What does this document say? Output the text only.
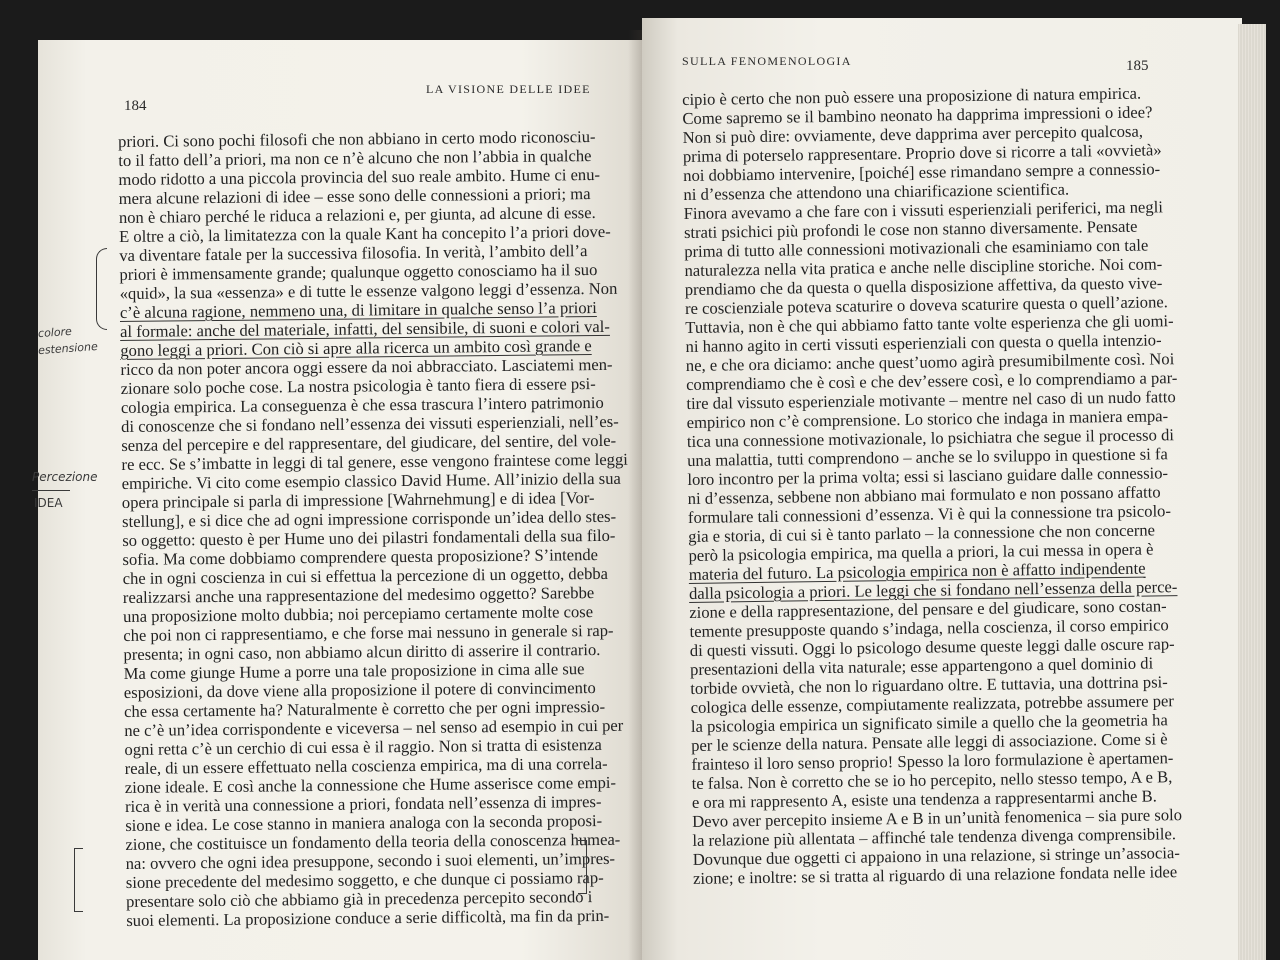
LA VISIONE DELLE IDEE
184
priori. Ci sono pochi filosofi che non abbiano in certo modo riconosciu-
to il fatto dell’a priori, ma non ce n’è alcuno che non l’abbia in qualche
modo ridotto a una piccola provincia del suo reale ambito. Hume ci enu-
mera alcune relazioni di idee – esse sono delle connessioni a priori; ma
non è chiaro perché le riduca a relazioni e, per giunta, ad alcune di esse.
E oltre a ciò, la limitatezza con la quale Kant ha concepito l’a priori dove-
va diventare fatale per la successiva filosofia. In verità, l’ambito dell’a
priori è immensamente grande; qualunque oggetto conosciamo ha il suo
«quid», la sua «essenza» e di tutte le essenze valgono leggi d’essenza. Non
c’è alcuna ragione, nemmeno una, di limitare in qualche senso l’a priori
al formale: anche del materiale, infatti, del sensibile, di suoni e colori val-
gono leggi a priori. Con ciò si apre alla ricerca un ambito così grande e
ricco da non poter ancora oggi essere da noi abbracciato. Lasciatemi men-
zionare solo poche cose. La nostra psicologia è tanto fiera di essere psi-
cologia empirica. La conseguenza è che essa trascura l’intero patrimonio
di conoscenze che si fondano nell’essenza dei vissuti esperienziali, nell’es-
senza del percepire e del rappresentare, del giudicare, del sentire, del vole-
re ecc. Se s’imbatte in leggi di tal genere, esse vengono fraintese come leggi
empiriche. Vi cito come esempio classico David Hume. All’inizio della sua
opera principale si parla di impressione [Wahrnehmung] e di idea [Vor-
stellung], e si dice che ad ogni impressione corrisponde un’idea dello stes-
so oggetto: questo è per Hume uno dei pilastri fondamentali della sua filo-
sofia. Ma come dobbiamo comprendere questa proposizione? S’intende
che in ogni coscienza in cui si effettua la percezione di un oggetto, debba
realizzarsi anche una rappresentazione del medesimo oggetto? Sarebbe
una proposizione molto dubbia; noi percepiamo certamente molte cose
che poi non ci rappresentiamo, e che forse mai nessuno in generale si rap-
presenta; in ogni caso, non abbiamo alcun diritto di asserire il contrario.
Ma come giunge Hume a porre una tale proposizione in cima alle sue
esposizioni, da dove viene alla proposizione il potere di convincimento
che essa certamente ha? Naturalmente è corretto che per ogni impressio-
ne c’è un’idea corrispondente e viceversa – nel senso ad esempio in cui per
ogni retta c’è un cerchio di cui essa è il raggio. Non si tratta di esistenza
reale, di un essere effettuato nella coscienza empirica, ma di una correla-
zione ideale. E così anche la connessione che Hume asserisce come empi-
rica è in verità una connessione a priori, fondata nell’essenza di impres-
sione e idea. Le cose stanno in maniera analoga con la seconda proposi-
zione, che costituisce un fondamento della teoria della conoscenza humea-
na: ovvero che ogni idea presuppone, secondo i suoi elementi, un’impres-
sione precedente del medesimo soggetto, e che dunque ci possiamo rap-
presentare solo ciò che abbiamo già in precedenza percepito secondo i
suoi elementi. La proposizione conduce a serie difficoltà, ma fin da prin-
colore
estensione
Percezione
IDEA
SULLA FENOMENOLOGIA	185
cipio è certo che non può essere una proposizione di natura empirica.
Come sapremo se il bambino neonato ha dapprima impressioni o idee?
Non si può dire: ovviamente, deve dapprima aver percepito qualcosa,
prima di poterselo rappresentare. Proprio dove si ricorre a tali «ovvietà»
noi dobbiamo intervenire, [poiché] esse rimandano sempre a connessio-
ni d’essenza che attendono una chiarificazione scientifica.
Finora avevamo a che fare con i vissuti esperienziali periferici, ma negli
strati psichici più profondi le cose non stanno diversamente. Pensate
prima di tutto alle connessioni motivazionali che esaminiamo con tale
naturalezza nella vita pratica e anche nelle discipline storiche. Noi com-
prendiamo che da questa o quella disposizione affettiva, da questo vive-
re coscienziale poteva scaturire o doveva scaturire questa o quell’azione.
Tuttavia, non è che qui abbiamo fatto tante volte esperienza che gli uomi-
ni hanno agito in certi vissuti esperienziali con questa o quella intenzio-
ne, e che ora diciamo: anche quest’uomo agirà presumibilmente così. Noi
comprendiamo che è così e che dev’essere così, e lo comprendiamo a par-
tire dal vissuto esperienziale motivante – mentre nel caso di un nudo fatto
empirico non c’è comprensione. Lo storico che indaga in maniera empa-
tica una connessione motivazionale, lo psichiatra che segue il processo di
una malattia, tutti comprendono – anche se lo sviluppo in questione si fa
loro incontro per la prima volta; essi si lasciano guidare dalle connessio-
ni d’essenza, sebbene non abbiano mai formulato e non possano affatto
formulare tali connessioni d’essenza. Vi è qui la connessione tra psicolo-
gia e storia, di cui si è tanto parlato – la connessione che non concerne
però la psicologia empirica, ma quella a priori, la cui messa in opera è
materia del futuro. La psicologia empirica non è affatto indipendente
dalla psicologia a priori. Le leggi che si fondano nell’essenza della perce-
zione e della rappresentazione, del pensare e del giudicare, sono costan-
temente presupposte quando s’indaga, nella coscienza, il corso empirico
di questi vissuti. Oggi lo psicologo desume queste leggi dalle oscure rap-
presentazioni della vita naturale; esse appartengono a quel dominio di
torbide ovvietà, che non lo riguardano oltre. E tuttavia, una dottrina psi-
cologica delle essenze, compiutamente realizzata, potrebbe assumere per
la psicologia empirica un significato simile a quello che la geometria ha
per le scienze della natura. Pensate alle leggi di associazione. Come si è
frainteso il loro senso proprio! Spesso la loro formulazione è apertamen-
te falsa. Non è corretto che se io ho percepito, nello stesso tempo, A e B,
e ora mi rappresento A, esiste una tendenza a rappresentarmi anche B.
Devo aver percepito insieme A e B in un’unità fenomenica – sia pure solo
la relazione più allentata – affinché tale tendenza divenga comprensibile.
Dovunque due oggetti ci appaiono in una relazione, si stringe un’associa-
zione; e inoltre: se si tratta al riguardo di una relazione fondata nelle idee
